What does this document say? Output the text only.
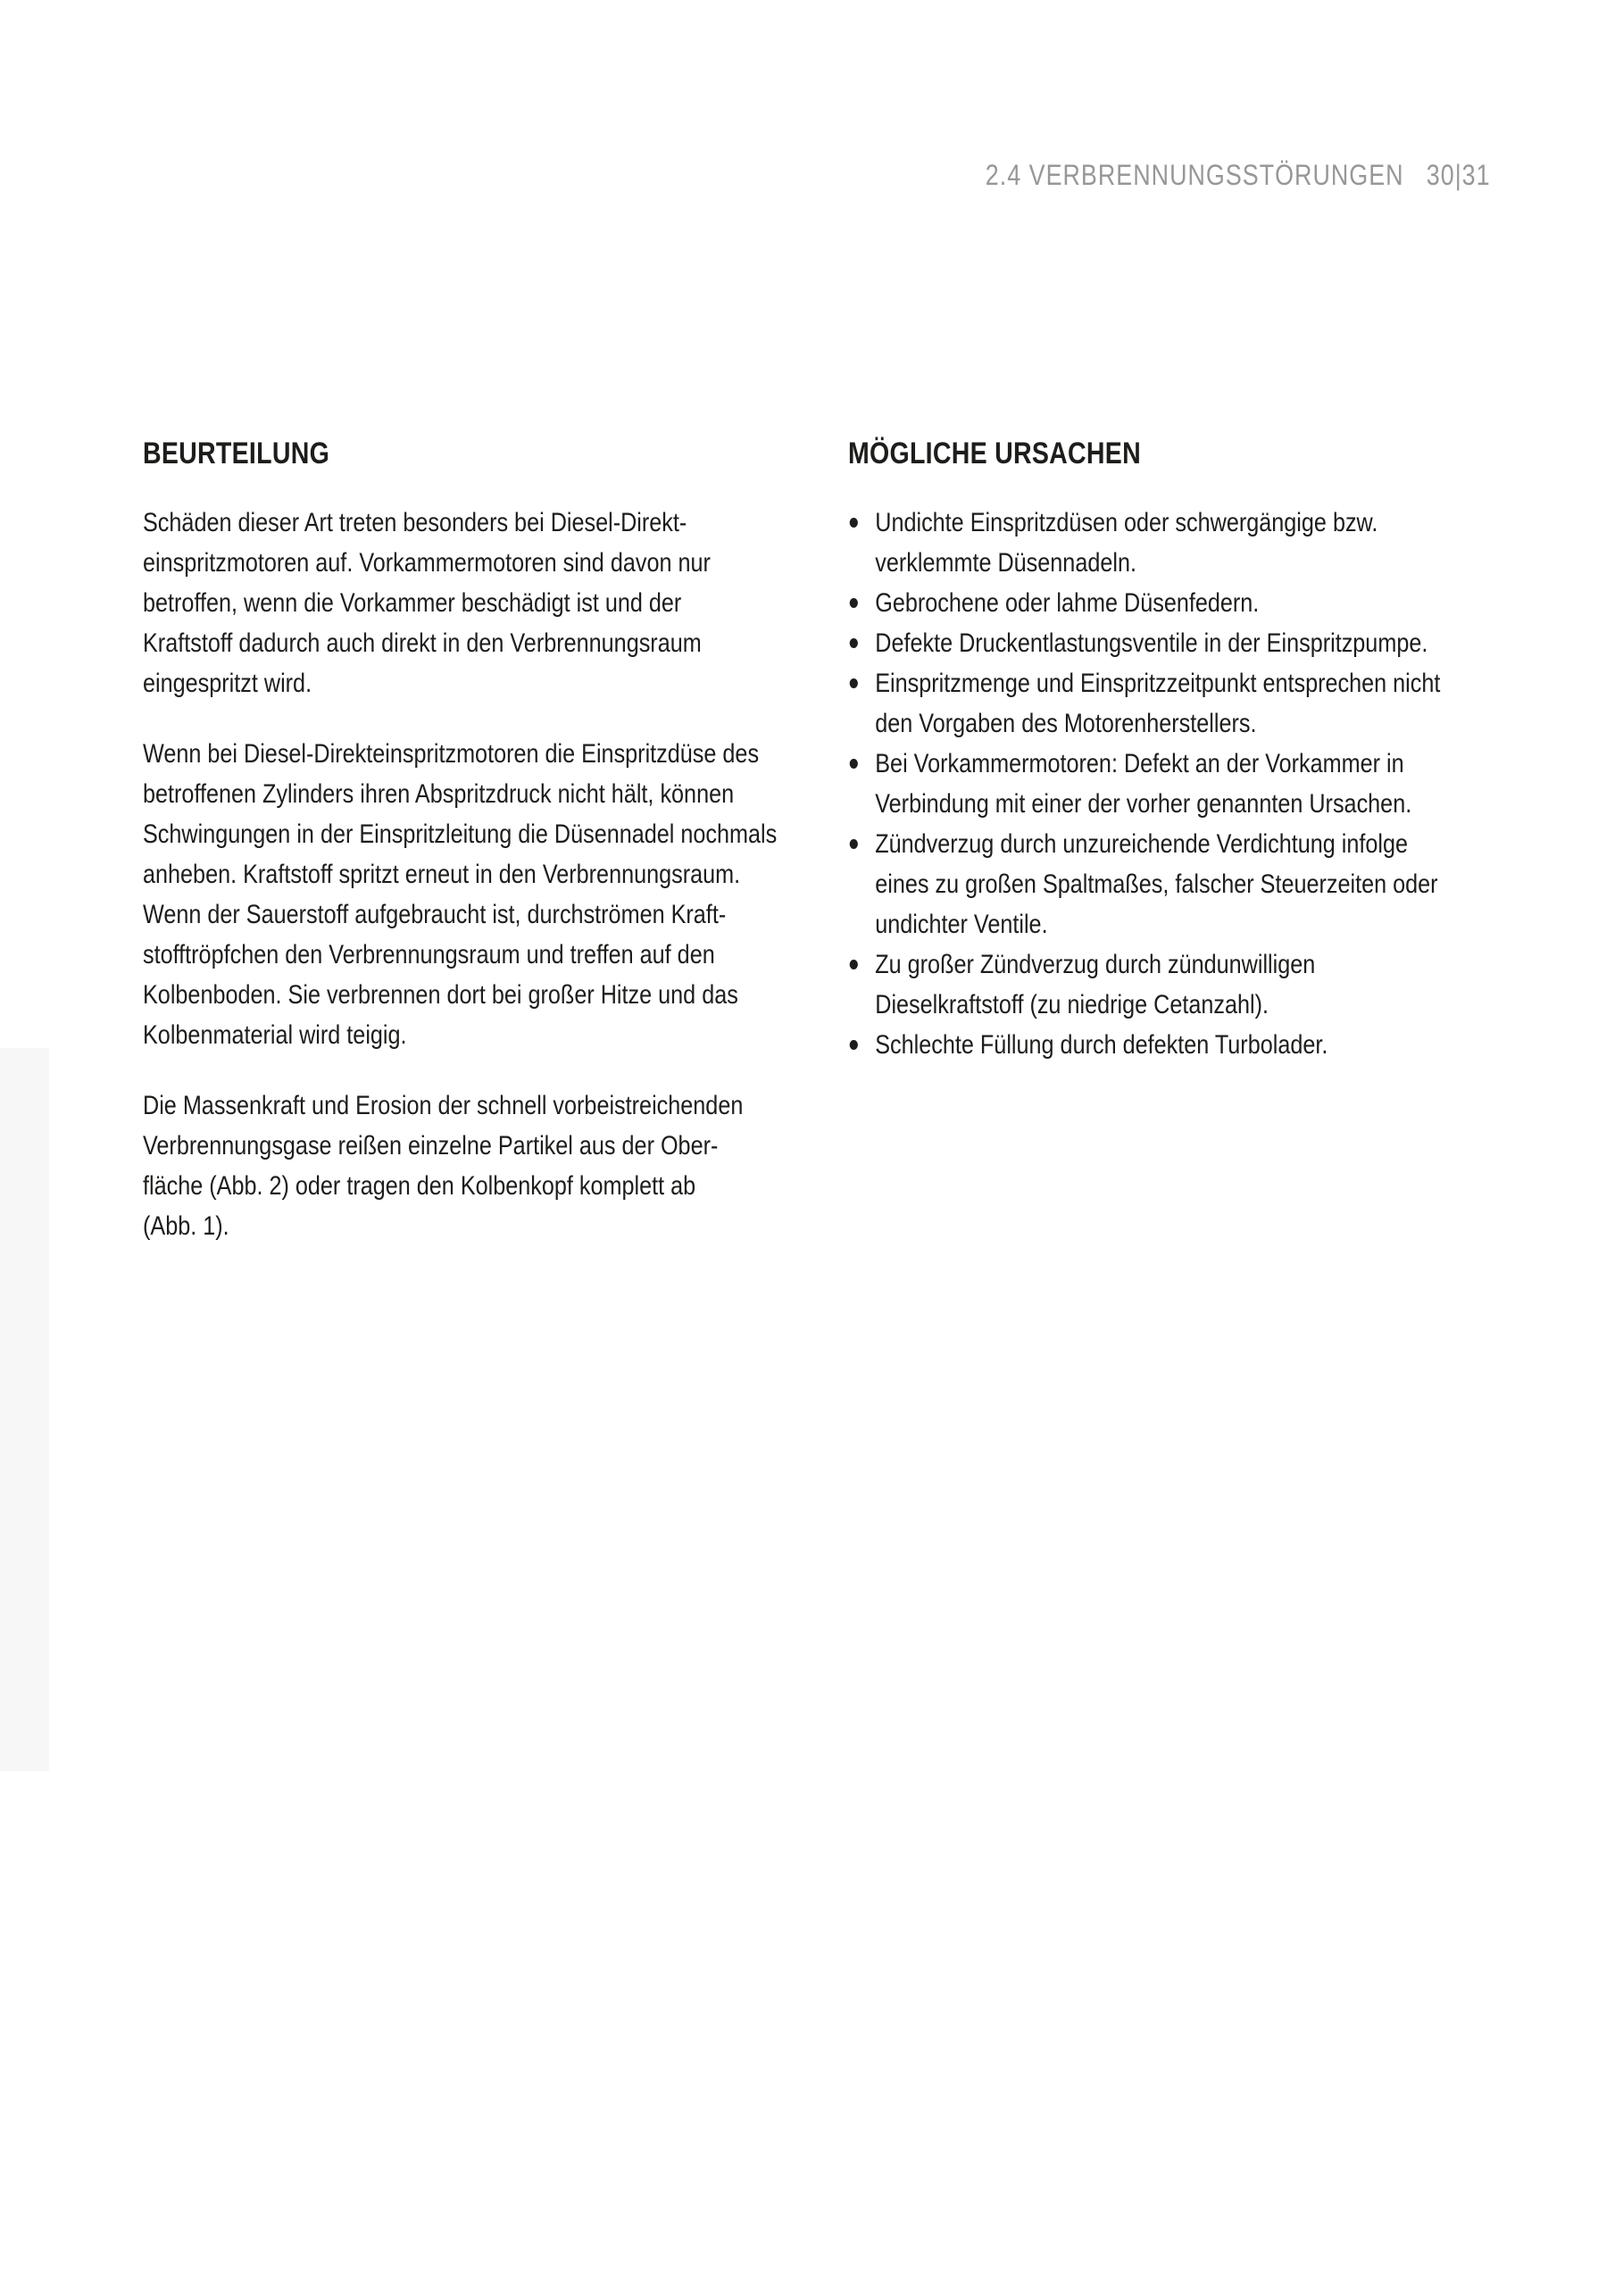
2.4 VERBRENNUNGSSTÖRUNGEN 30|31
BEURTEILUNG
Schäden dieser Art treten besonders bei Diesel-Direkt-
einspritzmotoren auf. Vorkammermotoren sind davon nur
betroffen, wenn die Vorkammer beschädigt ist und der
Kraftstoff dadurch auch direkt in den Verbrennungsraum
eingespritzt wird.
Wenn bei Diesel-Direkteinspritzmotoren die Einspritzdüse des
betroffenen Zylinders ihren Abspritzdruck nicht hält, können
Schwingungen in der Einspritzleitung die Düsennadel nochmals
anheben. Kraftstoff spritzt erneut in den Verbrennungsraum.
Wenn der Sauerstoff aufgebraucht ist, durchströmen Kraft-
stofftröpfchen den Verbrennungsraum und treffen auf den
Kolbenboden. Sie verbrennen dort bei großer Hitze und das
Kolbenmaterial wird teigig.
Die Massenkraft und Erosion der schnell vorbeistreichenden
Verbrennungsgase reißen einzelne Partikel aus der Ober-
fläche (Abb. 2) oder tragen den Kolbenkopf komplett ab
(Abb. 1).
MÖGLICHE URSACHEN
Undichte Einspritzdüsen oder schwergängige bzw.
verklemmte Düsennadeln.
Gebrochene oder lahme Düsenfedern.
Defekte Druckentlastungsventile in der Einspritzpumpe.
Einspritzmenge und Einspritzzeitpunkt entsprechen nicht
den Vorgaben des Motorenherstellers.
Bei Vorkammermotoren: Defekt an der Vorkammer in
Verbindung mit einer der vorher genannten Ursachen.
Zündverzug durch unzureichende Verdichtung infolge
eines zu großen Spaltmaßes, falscher Steuerzeiten oder
undichter Ventile.
Zu großer Zündverzug durch zündunwilligen
Dieselkraftstoff (zu niedrige Cetanzahl).
Schlechte Füllung durch defekten Turbolader.
